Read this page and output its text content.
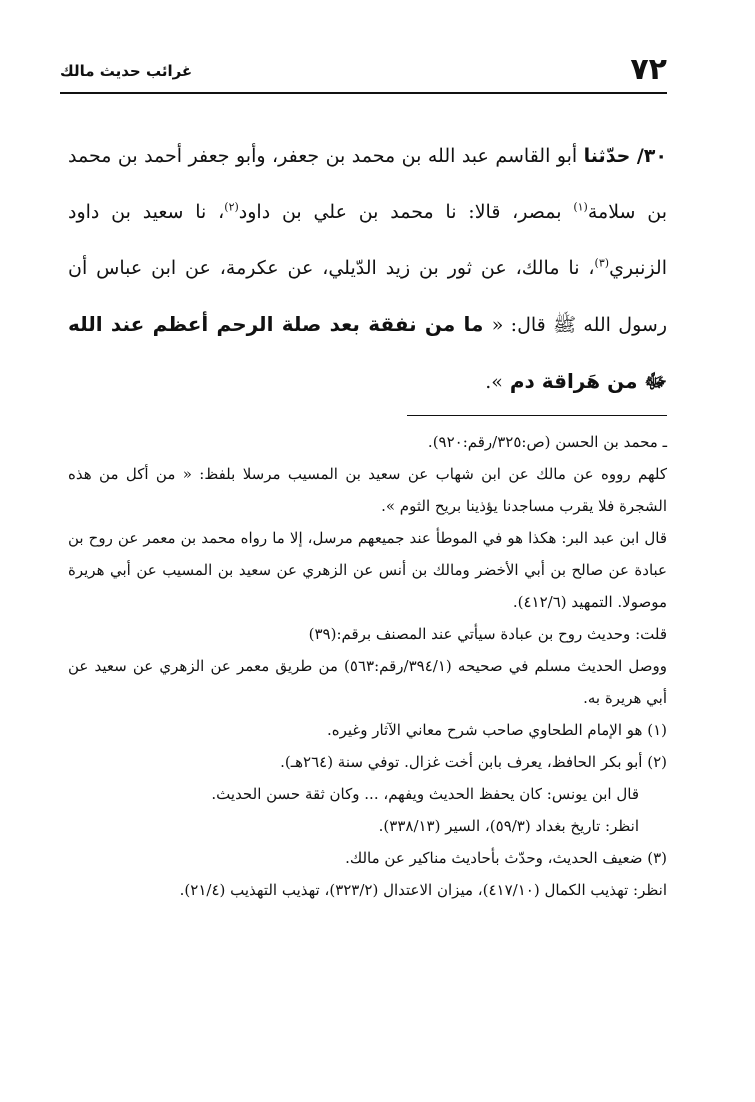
٧٢
غرائب حديث مالك

٣٠/ حدّثنا أبو القاسم عبد الله بن محمد بن جعفر، وأبو جعفر أحمد بن محمد بن سلامة$^{(١)}$ بمصر، قالا: نا محمد بن علي بن داود$^{(٢)}$، نا سعيد بن داود الزنبري$^{(٣)}$، نا مالك، عن ثور بن زيد الدّيلي، عن عكرمة، عن ابن عباس أن رسول الله ﷺ قال: « ما من نفقة بعد صلة الرحم أعظم عند الله ﷻ من هَراقة دم ».

ـ محمد بن الحسن (ص:٣٢٥/رقم:٩٢٠).

كلهم رووه عن مالك عن ابن شهاب عن سعيد بن المسيب مرسلا بلفظ: « من أكل من هذه الشجرة فلا يقرب مساجدنا يؤذينا بريح الثوم ».

قال ابن عبد البر: هكذا هو في الموطأ عند جميعهم مرسل، إلا ما رواه محمد بن معمر عن روح بن عبادة عن صالح بن أبي الأخضر ومالك بن أنس عن الزهري عن سعيد بن المسيب عن أبي هريرة موصولا. التمهيد (٤١٢/٦).

قلت: وحديث روح بن عبادة سيأتي عند المصنف برقم:(٣٩)

ووصل الحديث مسلم في صحيحه (٣٩٤/١/رقم:٥٦٣) من طريق معمر عن الزهري عن سعيد عن أبي هريرة به.

(١) هو الإمام الطحاوي صاحب شرح معاني الآثار وغيره.

(٢) أبو بكر الحافظ، يعرف بابن أخت غزال. توفي سنة (٢٦٤هـ).

قال ابن يونس: كان يحفظ الحديث ويفهم، ... وكان ثقة حسن الحديث.

انظر: تاريخ بغداد (٥٩/٣)، السير (٣٣٨/١٣).

(٣) ضعيف الحديث، وحدّث بأحاديث مناكير عن مالك.

انظر: تهذيب الكمال (٤١٧/١٠)، ميزان الاعتدال (٣٢٣/٢)، تهذيب التهذيب (٢١/٤).
